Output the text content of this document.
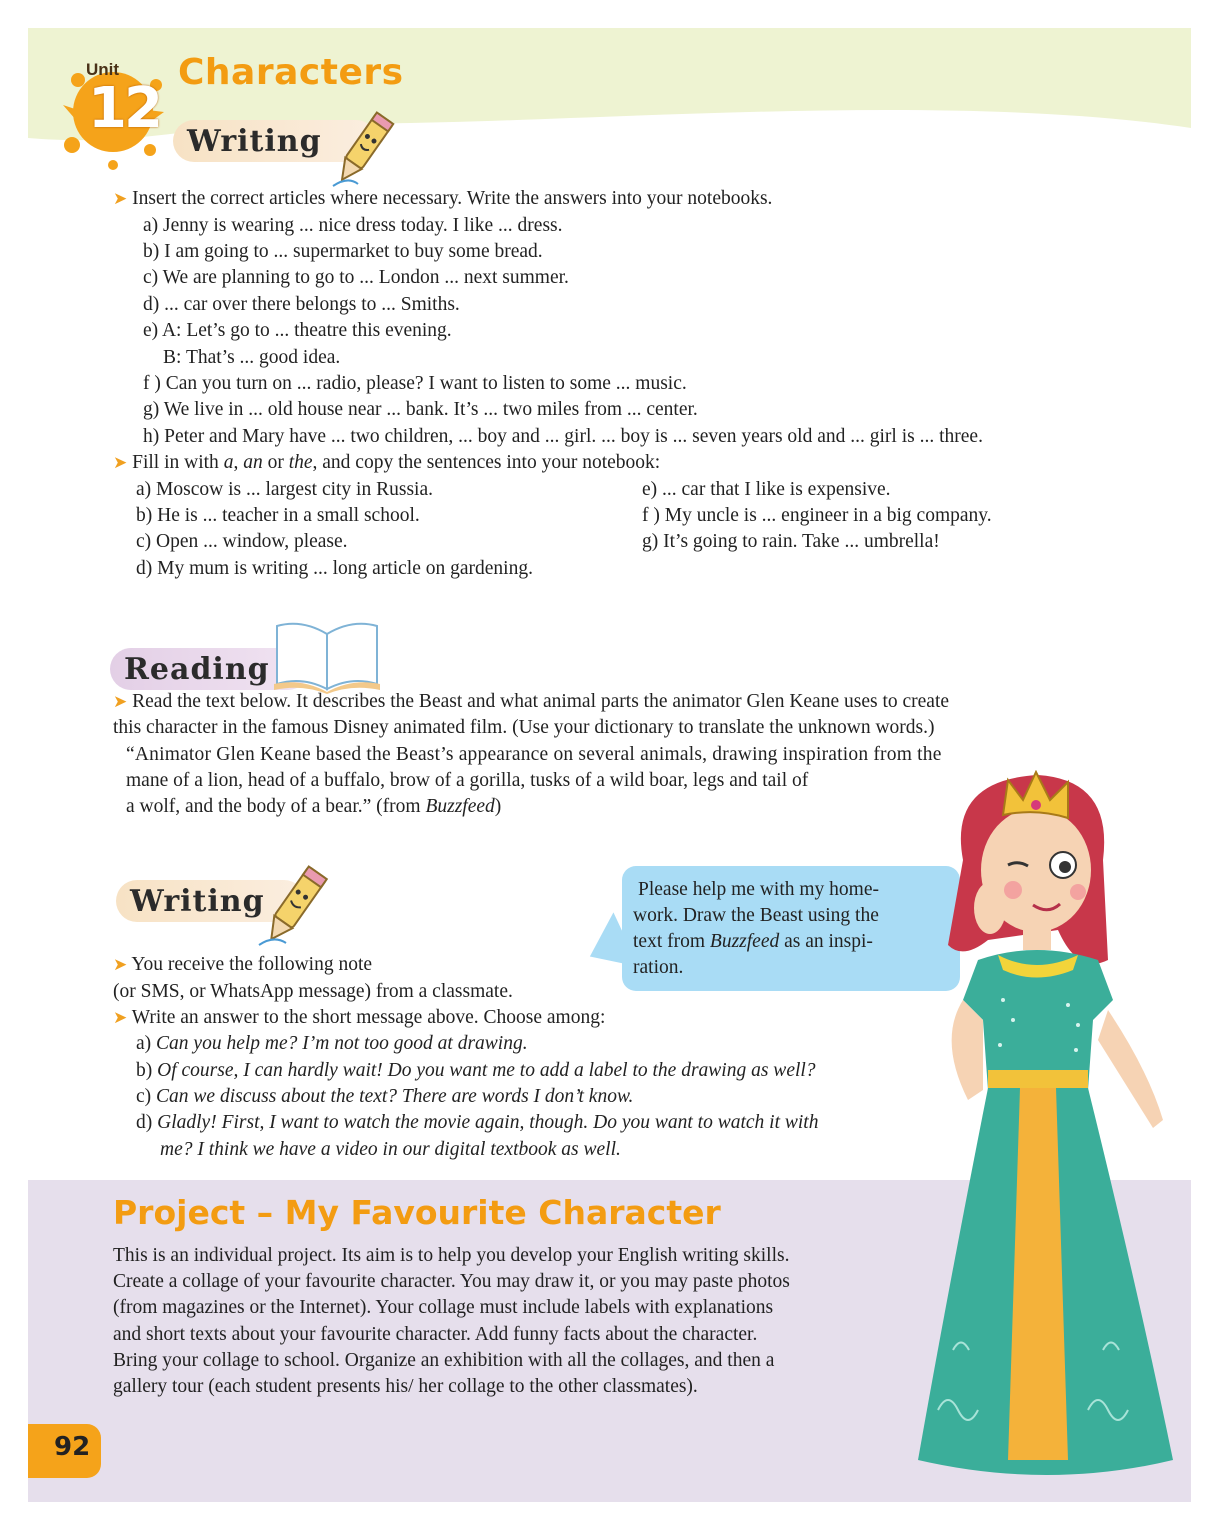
Unit
12
Characters
Writing
➤ Insert the correct articles where necessary. Write the answers into your notebooks.
a) Jenny is wearing ... nice dress today. I like ... dress.
b) I am going to ... supermarket to buy some bread.
c) We are planning to go to ... London ... next summer.
d) ... car over there belongs to ... Smiths.
e) A: Let’s go to ... theatre this evening.
B: That’s ... good idea.
f ) Can you turn on ... radio, please? I want to listen to some ... music.
g) We live in ... old house near ... bank. It’s ... two miles from ... center.
h) Peter and Mary have ... two children, ... boy and ... girl. ... boy is ... seven years old and ... girl is ... three.
➤ Fill in with a, an or the, and copy the sentences into your notebook:
a) Moscow is ... largest city in Russia.
b) He is ... teacher in a small school.
c) Open ... window, please.
d) My mum is writing ... long article on gardening.
e) ... car that I like is expensive.
f ) My uncle is ... engineer in a big company.
g) It’s going to rain. Take ... umbrella!
Reading
➤ Read the text below. It describes the Beast and what animal parts the animator Glen Keane uses to create
this character in the famous Disney animated film. (Use your dictionary to translate the unknown words.)
“Animator Glen Keane based the Beast’s appearance on several animals, drawing inspiration from the
mane of a lion, head of a buffalo, brow of a gorilla, tusks of a wild boar, legs and tail of
a wolf, and the body of a bear.” (from Buzzfeed)
Writing	Please help me with my home-
work. Draw the Beast using the
text from Buzzfeed as an inspi-
ration.
➤ You receive the following note
(or SMS, or WhatsApp message) from a classmate.
➤ Write an answer to the short message above. Choose among:
a) Can you help me? I’m not too good at drawing.
b) Of course, I can hardly wait! Do you want me to add a label to the drawing as well?
c) Can we discuss about the text? There are words I don’t know.
d) Gladly! First, I want to watch the movie again, though. Do you want to watch it with
me? I think we have a video in our digital textbook as well.
Project – My Favourite Character
This is an individual project. Its aim is to help you develop your English writing skills.
Create a collage of your favourite character. You may draw it, or you may paste photos
(from magazines or the Internet). Your collage must include labels with explanations
and short texts about your favourite character. Add funny facts about the character.
Bring your collage to school. Organize an exhibition with all the collages, and then a
gallery tour (each student presents his/ her collage to the other classmates).
92
